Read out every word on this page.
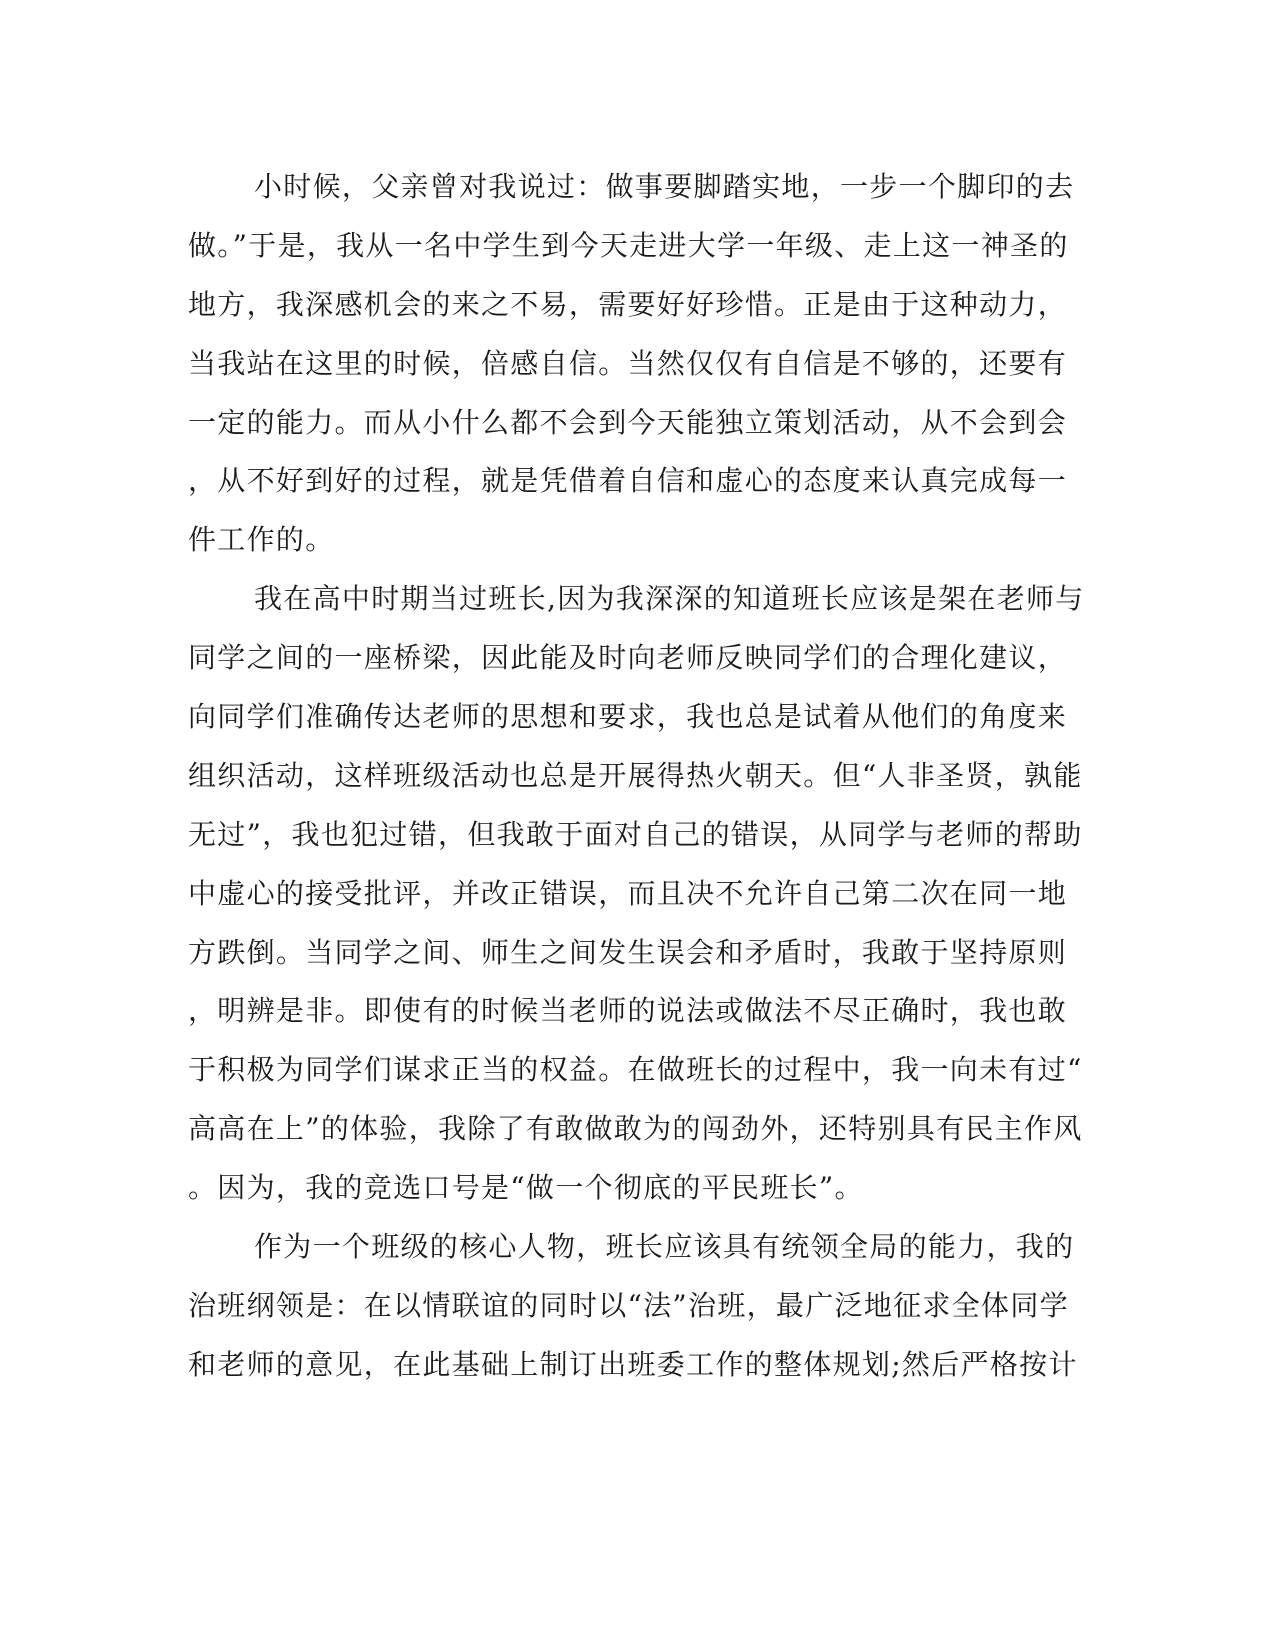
小时候，父亲曾对我说过：做事要脚踏实地，一步一个脚印的去
做。”于是，我从一名中学生到今天走进大学一年级、走上这一神圣的
地方，我深感机会的来之不易，需要好好珍惜。正是由于这种动力，
当我站在这里的时候，倍感自信。当然仅仅有自信是不够的，还要有
一定的能力。而从小什么都不会到今天能独立策划活动，从不会到会
，从不好到好的过程，就是凭借着自信和虚心的态度来认真完成每一
件工作的。
我在高中时期当过班长,因为我深深的知道班长应该是架在老师与
同学之间的一座桥梁，因此能及时向老师反映同学们的合理化建议，
向同学们准确传达老师的思想和要求，我也总是试着从他们的角度来
组织活动，这样班级活动也总是开展得热火朝天。但“人非圣贤，孰能
无过”，我也犯过错，但我敢于面对自己的错误，从同学与老师的帮助
中虚心的接受批评，并改正错误，而且决不允许自己第二次在同一地
方跌倒。当同学之间、师生之间发生误会和矛盾时，我敢于坚持原则
，明辨是非。即使有的时候当老师的说法或做法不尽正确时，我也敢
于积极为同学们谋求正当的权益。在做班长的过程中，我一向未有过“
高高在上”的体验，我除了有敢做敢为的闯劲外，还特别具有民主作风
。因为，我的竞选口号是“做一个彻底的平民班长”。
作为一个班级的核心人物，班长应该具有统领全局的能力，我的
治班纲领是：在以情联谊的同时以“法”治班，最广泛地征求全体同学
和老师的意见，在此基础上制订出班委工作的整体规划;然后严格按计
